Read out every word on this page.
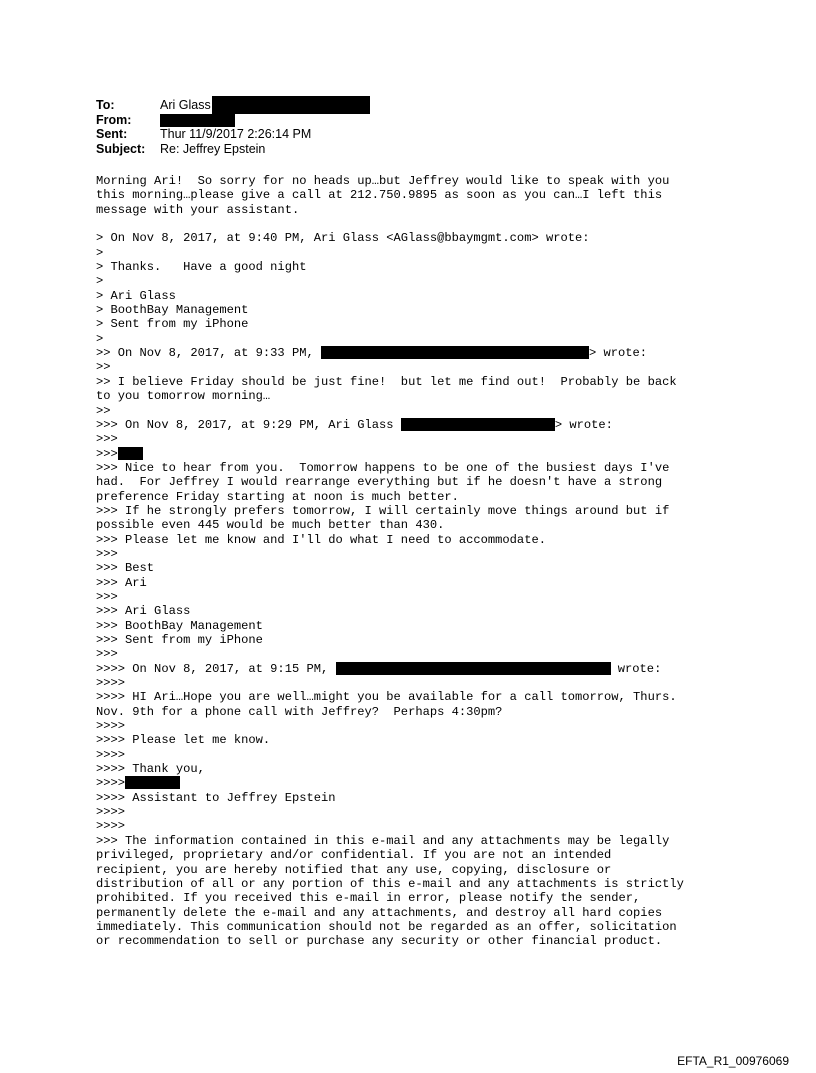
To:	Ari Glass
From:
Sent:	Thur 11/9/2017 2:26:14 PM
Subject: Re: Jeffrey Epstein
Morning Ari!  So sorry for no heads up…but Jeffrey would like to speak with you
this morning…please give a call at 212.750.9895 as soon as you can…I left this
message with your assistant.
> On Nov 8, 2017, at 9:40 PM, Ari Glass <AGlass@bbaymgmt.com> wrote:
>
> Thanks.   Have a good night
>
> Ari Glass
> BoothBay Management
> Sent from my iPhone
>
>> On Nov 8, 2017, at 9:33 PM,	> wrote:
>>
>> I believe Friday should be just fine!  but let me find out!  Probably be back
to you tomorrow morning…
>>
>>> On Nov 8, 2017, at 9:29 PM, Ari Glass	> wrote:
>>>
>>>
>>> Nice to hear from you.  Tomorrow happens to be one of the busiest days I've
had.  For Jeffrey I would rearrange everything but if he doesn't have a strong
preference Friday starting at noon is much better.
>>> If he strongly prefers tomorrow, I will certainly move things around but if
possible even 445 would be much better than 430.
>>> Please let me know and I'll do what I need to accommodate.
>>>
>>> Best
>>> Ari
>>>
>>> Ari Glass
>>> BoothBay Management
>>> Sent from my iPhone
>>>
>>>> On Nov 8, 2017, at 9:15 PM,	wrote:
>>>>
>>>> HI Ari…Hope you are well…might you be available for a call tomorrow, Thurs.
Nov. 9th for a phone call with Jeffrey?  Perhaps 4:30pm?
>>>>
>>>> Please let me know.
>>>>
>>>> Thank you,
>>>>
>>>> Assistant to Jeffrey Epstein
>>>>
>>>>
>>> The information contained in this e-mail and any attachments may be legally
privileged, proprietary and/or confidential. If you are not an intended
recipient, you are hereby notified that any use, copying, disclosure or
distribution of all or any portion of this e-mail and any attachments is strictly
prohibited. If you received this e-mail in error, please notify the sender,
permanently delete the e-mail and any attachments, and destroy all hard copies
immediately. This communication should not be regarded as an offer, solicitation
or recommendation to sell or purchase any security or other financial product.
EFTA_R1_00976069
